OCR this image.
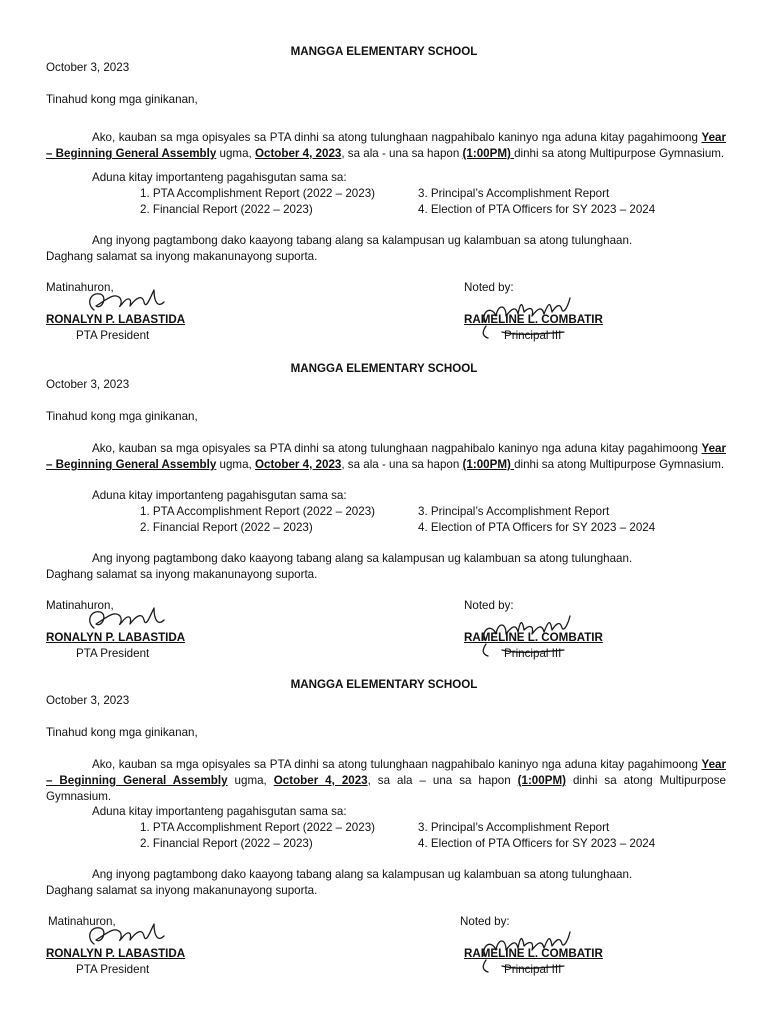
MANGGA ELEMENTARY SCHOOL
October 3, 2023
Tinahud kong mga ginikanan,
Ako, kauban sa mga opisyales sa PTA dinhi sa atong tulunghaan nagpahibalo kaninyo nga aduna kitay pagahimoong Year – Beginning General Assembly ugma, October 4, 2023, sa ala - una sa hapon (1:00PM) dinhi sa atong Multipurpose Gymnasium.
Aduna kitay importanteng pagahisgutan sama sa:
1. PTA Accomplishment Report (2022 – 2023)
2. Financial Report (2022 – 2023)
3. Principal’s Accomplishment Report
4. Election of PTA Officers for SY 2023 – 2024
Ang inyong pagtambong dako kaayong tabang alang sa kalampusan ug kalambuan sa atong tulunghaan.
Daghang salamat sa inyong makanunayong suporta.
Matinahuron,
RONALYN P. LABASTIDA
PTA President
Noted by:
RAMELINE L. COMBATIR
Principal III
MANGGA ELEMENTARY SCHOOL
October 3, 2023
Tinahud kong mga ginikanan,
Ako, kauban sa mga opisyales sa PTA dinhi sa atong tulunghaan nagpahibalo kaninyo nga aduna kitay pagahimoong Year – Beginning General Assembly ugma, October 4, 2023, sa ala - una sa hapon (1:00PM) dinhi sa atong Multipurpose Gymnasium.
Aduna kitay importanteng pagahisgutan sama sa:
1. PTA Accomplishment Report (2022 – 2023)
2. Financial Report (2022 – 2023)
3. Principal’s Accomplishment Report
4. Election of PTA Officers for SY 2023 – 2024
Ang inyong pagtambong dako kaayong tabang alang sa kalampusan ug kalambuan sa atong tulunghaan.
Daghang salamat sa inyong makanunayong suporta.
Matinahuron,
RONALYN P. LABASTIDA
PTA President
Noted by:
RAMELINE L. COMBATIR
Principal III
MANGGA ELEMENTARY SCHOOL
October 3, 2023
Tinahud kong mga ginikanan,
Ako, kauban sa mga opisyales sa PTA dinhi sa atong tulunghaan nagpahibalo kaninyo nga aduna kitay pagahimoong Year – Beginning General Assembly ugma, October 4, 2023, sa ala – una sa hapon (1:00PM) dinhi sa atong Multipurpose Gymnasium.
Aduna kitay importanteng pagahisgutan sama sa:
1. PTA Accomplishment Report (2022 – 2023)
2. Financial Report (2022 – 2023)
3. Principal’s Accomplishment Report
4. Election of PTA Officers for SY 2023 – 2024
Ang inyong pagtambong dako kaayong tabang alang sa kalampusan ug kalambuan sa atong tulunghaan.
Daghang salamat sa inyong makanunayong suporta.
Matinahuron,
RONALYN P. LABASTIDA
PTA President
Noted by:
RAMELINE L. COMBATIR
Principal III
